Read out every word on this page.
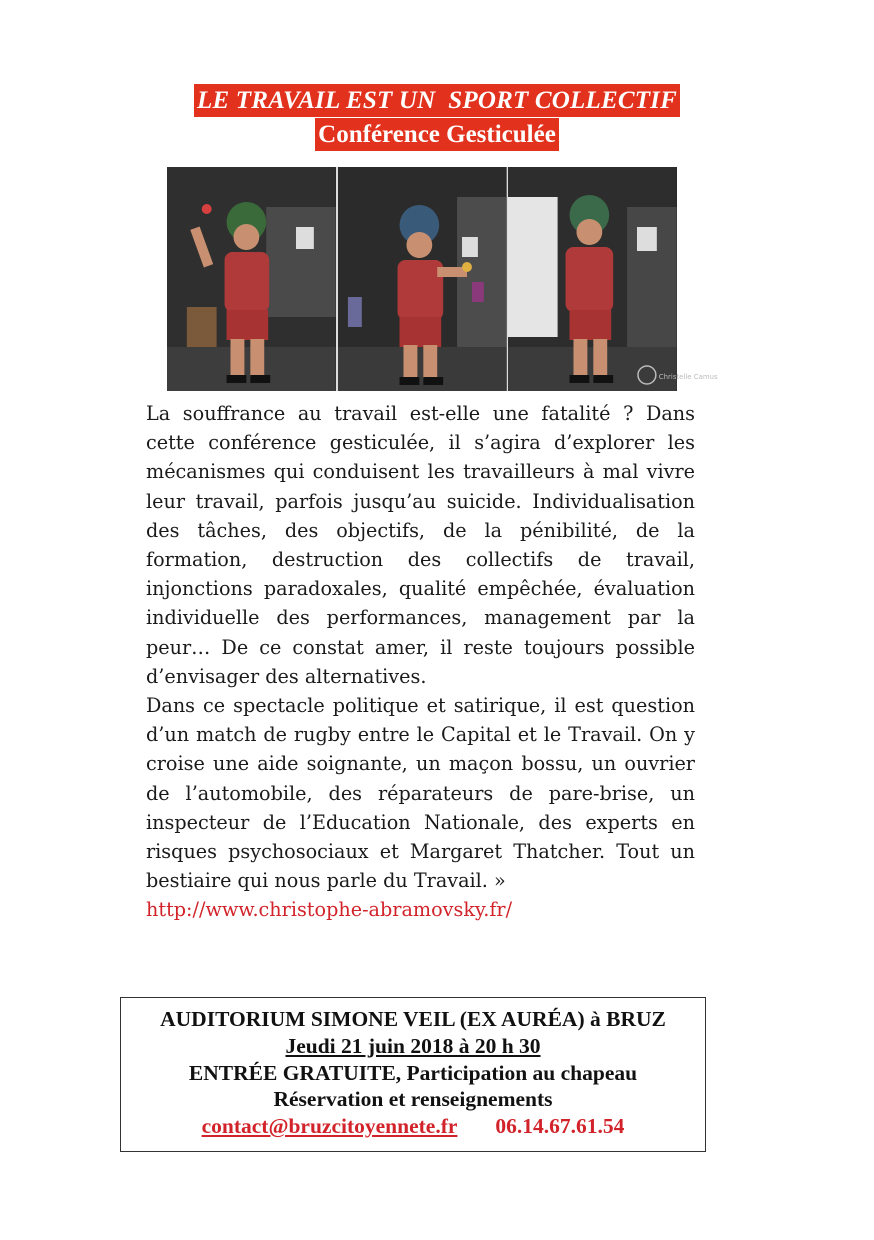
LE TRAVAIL EST UN  SPORT COLLECTIF
Conférence Gesticulée
Christelle Camus

La souffrance au travail est-elle une fatalité ? Dans cette conférence gesticulée, il s’agira d’explorer les mécanismes qui conduisent les travailleurs à mal vivre leur travail, parfois jusqu’au suicide. Individualisation des tâches, des objectifs, de la pénibilité, de la formation, destruction des collectifs de travail, injonctions paradoxales, qualité empêchée, évaluation individuelle des performances, management par la peur… De ce constat amer, il reste toujours possible d’envisager des alternatives.

Dans ce spectacle politique et satirique, il est question d’un match de rugby entre le Capital et le Travail. On y croise une aide soignante, un maçon bossu, un ouvrier de l’automobile, des réparateurs de pare-brise, un inspecteur de l’Education Nationale, des experts en risques psychosociaux et Margaret Thatcher. Tout un bestiaire qui nous parle du Travail. »

http://www.christophe-abramovsky.fr/

AUDITORIUM SIMONE VEIL (EX AURÉA) à BRUZ
Jeudi 21 juin 2018 à 20 h 30
ENTRÉE GRATUITE, Participation au chapeau
Réservation et renseignements
contact@bruzcitoyennete.fr 06.14.67.61.54
